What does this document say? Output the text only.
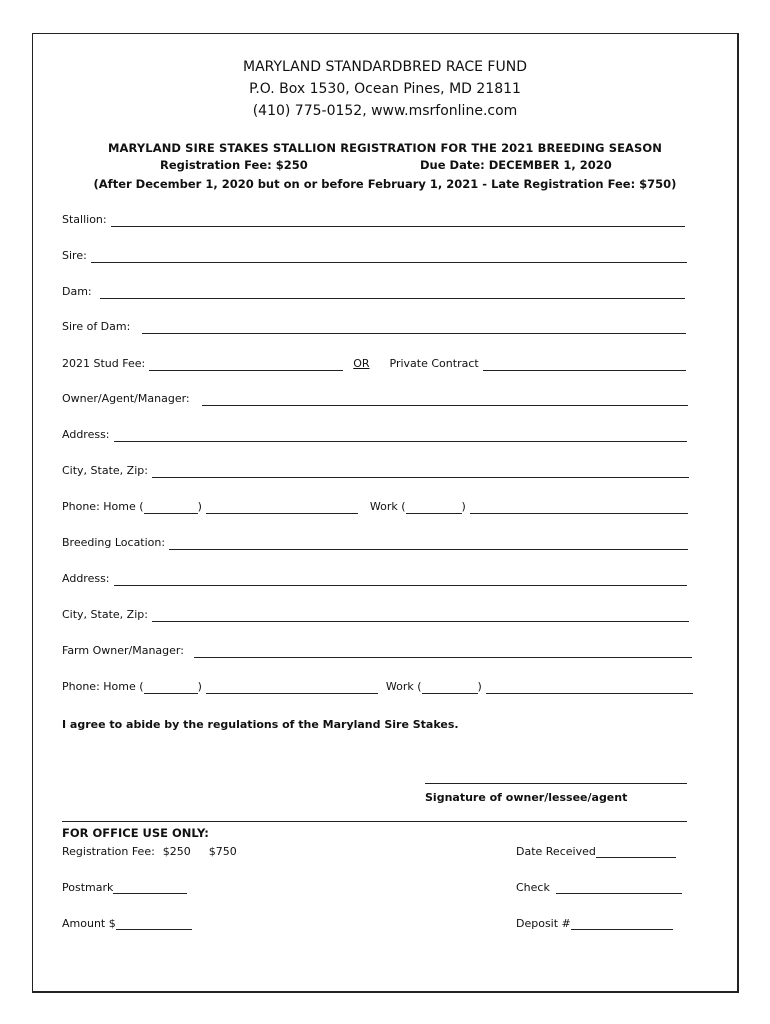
MARYLAND STANDARDBRED RACE FUND
P.O. Box 1530, Ocean Pines, MD 21811
(410) 775-0152, www.msrfonline.com
MARYLAND SIRE STAKES STALLION REGISTRATION FOR THE 2021 BREEDING SEASON
Registration Fee: $250	Due Date: DECEMBER 1, 2020
(After December 1, 2020 but on or before February 1, 2021 - Late Registration Fee: $750)
Stallion:
Sire:
Dam:
Sire of Dam:
2021 Stud Fee:	OR Private Contract
Owner/Agent/Manager:
Address:
City, State, Zip:
Phone: Home (	)	Work (	)
Breeding Location:
Address:
City, State, Zip:
Farm Owner/Manager:
Phone: Home (	)	Work (	)
I agree to abide by the regulations of the Maryland Sire Stakes.
Signature of owner/lessee/agent
FOR OFFICE USE ONLY:
Registration Fee: $250 $750	Date Received
Postmark	Check
Amount $	Deposit #
